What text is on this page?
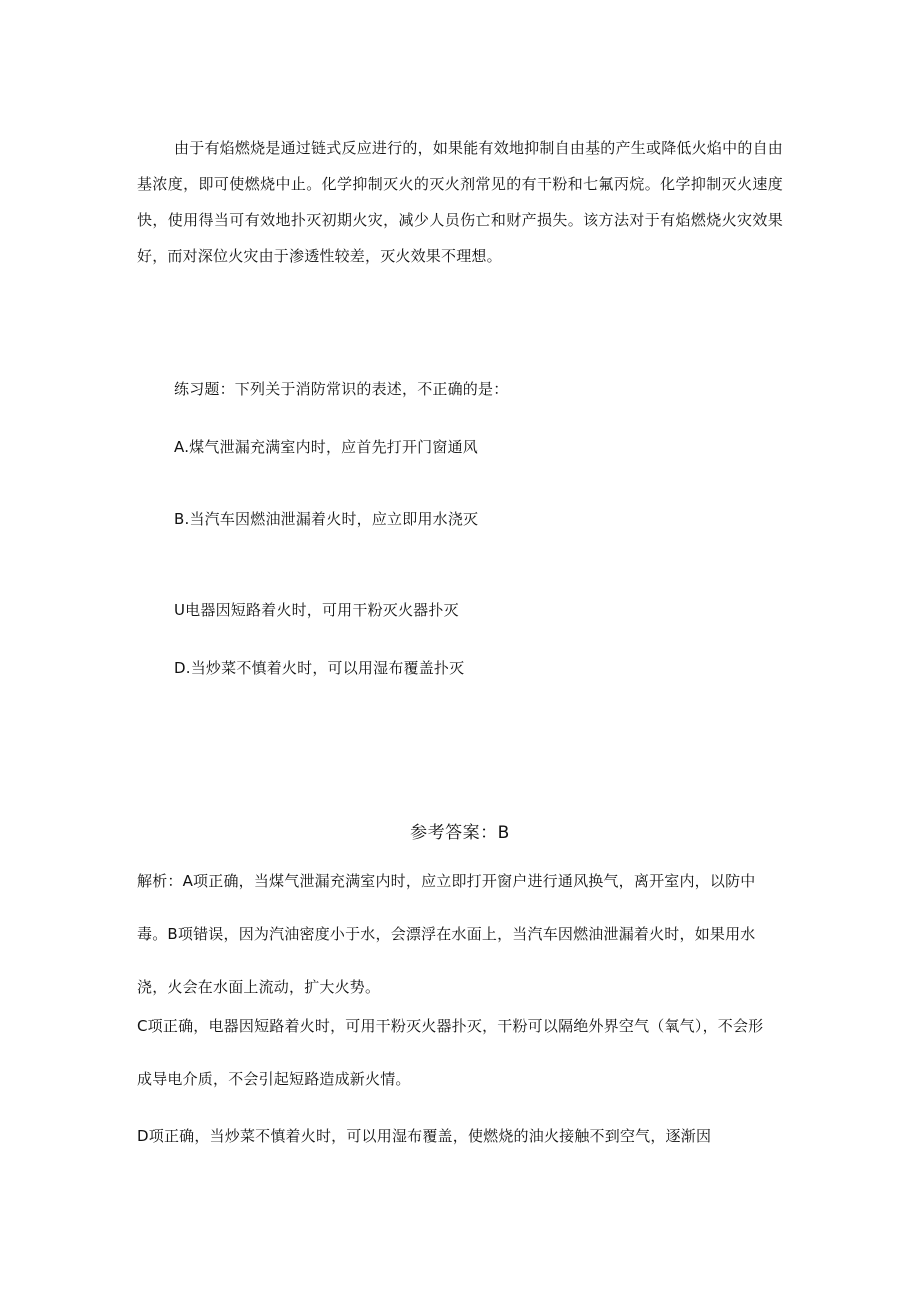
由于有焰燃烧是通过链式反应进行的，如果能有效地抑制自由基的产生或降低火焰中的自由基浓度，即可使燃烧中止。化学抑制灭火的灭火剂常见的有干粉和七氟丙烷。化学抑制灭火速度快，使用得当可有效地扑灭初期火灾，减少人员伤亡和财产损失。该方法对于有焰燃烧火灾效果好，而对深位火灾由于渗透性较差，灭火效果不理想。

练习题：下列关于消防常识的表述，不正确的是：

A.煤气泄漏充满室内时，应首先打开门窗通风

B.当汽车因燃油泄漏着火时，应立即用水浇灭

U电器因短路着火时，可用干粉灭火器扑灭

D.当炒菜不慎着火时，可以用湿布覆盖扑灭

参考答案：B

解析：A项正确，当煤气泄漏充满室内时，应立即打开窗户进行通风换气，离开室内，以防中毒。B项错误，因为汽油密度小于水，会漂浮在水面上，当汽车因燃油泄漏着火时，如果用水浇，火会在水面上流动，扩大火势。

C项正确，电器因短路着火时，可用干粉灭火器扑灭，干粉可以隔绝外界空气（氧气），不会形成导电介质，不会引起短路造成新火情。

D项正确，当炒菜不慎着火时，可以用湿布覆盖，使燃烧的油火接触不到空气，逐渐因
